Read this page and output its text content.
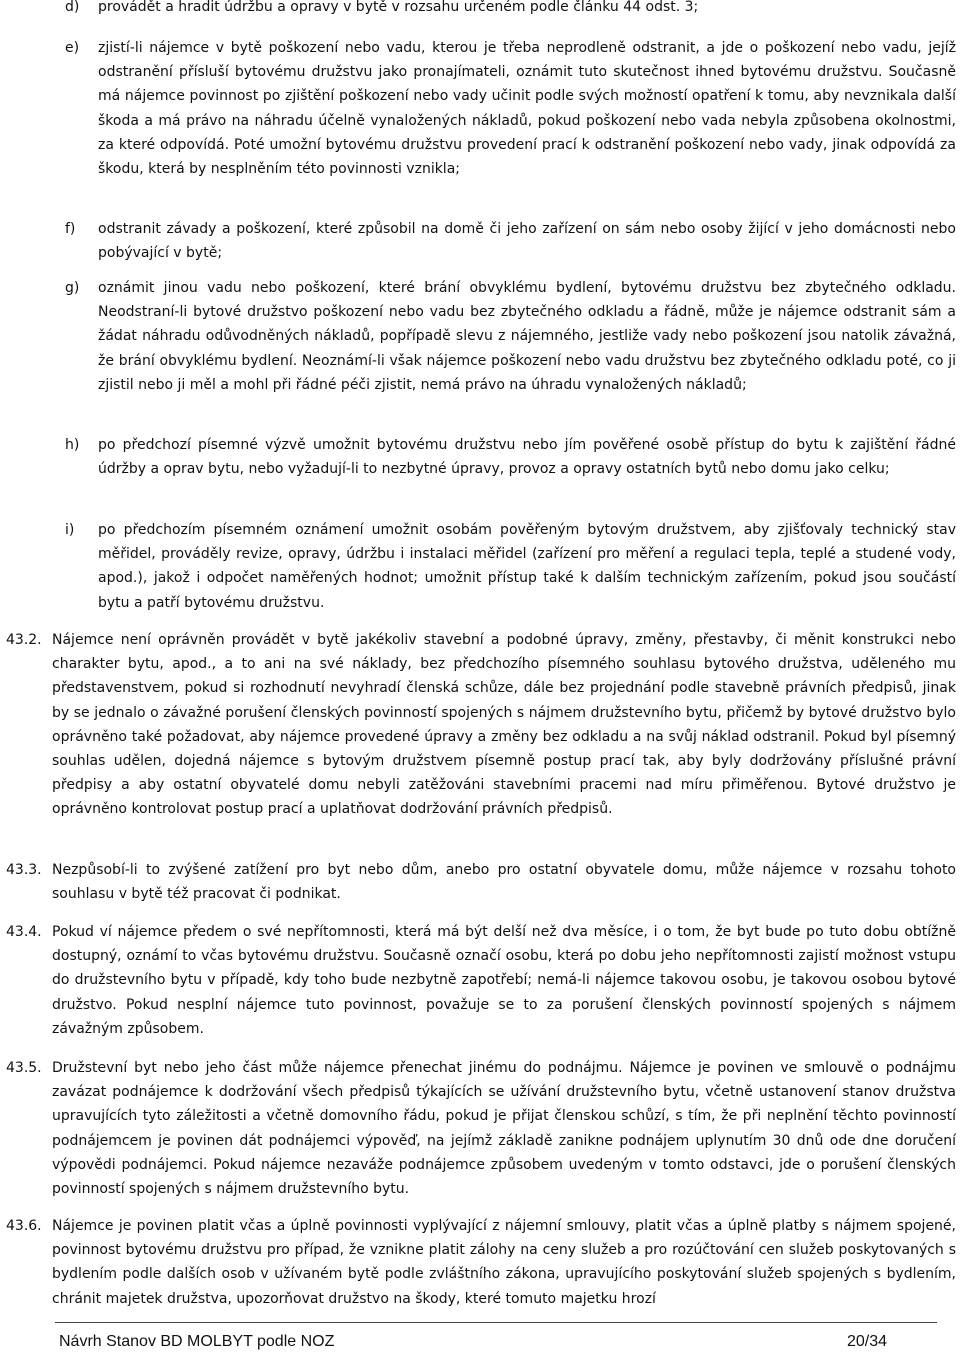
d) provádět a hradit údržbu a opravy v bytě v rozsahu určeném podle článku 44 odst. 3;

e) zjistí-li nájemce v bytě poškození nebo vadu, kterou je třeba neprodleně odstranit, a jde o poškození nebo vadu, jejíž odstranění přísluší bytovému družstvu jako pronajímateli, oznámit tuto skutečnost ihned bytovému družstvu. Současně má nájemce povinnost po zjištění poškození nebo vady učinit podle svých možností opatření k tomu, aby nevznikala další škoda a má právo na náhradu účelně vynaložených nákladů, pokud poškození nebo vada nebyla způsobena okolnostmi, za které odpovídá. Poté umožní bytovému družstvu provedení prací k odstranění poškození nebo vady, jinak odpovídá za škodu, která by nesplněním této povinnosti vznikla;

f) odstranit závady a poškození, které způsobil na domě či jeho zařízení on sám nebo osoby žijící v jeho domácnosti nebo pobývající v bytě;

g) oznámit jinou vadu nebo poškození, které brání obvyklému bydlení, bytovému družstvu bez zbytečného odkladu. Neodstraní-li bytové družstvo poškození nebo vadu bez zbytečného odkladu a řádně, může je nájemce odstranit sám a žádat náhradu odůvodněných nákladů, popřípadě slevu z nájemného, jestliže vady nebo poškození jsou natolik závažná, že brání obvyklému bydlení. Neoznámí-li však nájemce poškození nebo vadu družstvu bez zbytečného odkladu poté, co ji zjistil nebo ji měl a mohl při řádné péči zjistit, nemá právo na úhradu vynaložených nákladů;

h) po předchozí písemné výzvě umožnit bytovému družstvu nebo jím pověřené osobě přístup do bytu k zajištění řádné údržby a oprav bytu, nebo vyžadují-li to nezbytné úpravy, provoz a opravy ostatních bytů nebo domu jako celku;

i) po předchozím písemném oznámení umožnit osobám pověřeným bytovým družstvem, aby zjišťovaly technický stav měřidel, prováděly revize, opravy, údržbu i instalaci měřidel (zařízení pro měření a regulaci tepla, teplé a studené vody, apod.), jakož i odpočet naměřených hodnot; umožnit přístup také k dalším technickým zařízením, pokud jsou součástí bytu a patří bytovému družstvu.

43.2. Nájemce není oprávněn provádět v bytě jakékoliv stavební a podobné úpravy, změny, přestavby, či měnit konstrukci nebo charakter bytu, apod., a to ani na své náklady, bez předchozího písemného souhlasu bytového družstva, uděleného mu představenstvem, pokud si rozhodnutí nevyhradí členská schůze, dále bez projednání podle stavebně právních předpisů, jinak by se jednalo o závažné porušení členských povinností spojených s nájmem družstevního bytu, přičemž by bytové družstvo bylo oprávněno také požadovat, aby nájemce provedené úpravy a změny bez odkladu a na svůj náklad odstranil. Pokud byl písemný souhlas udělen, dojedná nájemce s bytovým družstvem písemně postup prací tak, aby byly dodržovány příslušné právní předpisy a aby ostatní obyvatelé domu nebyli zatěžováni stavebními pracemi nad míru přiměřenou. Bytové družstvo je oprávněno kontrolovat postup prací a uplatňovat dodržování právních předpisů.

43.3. Nezpůsobí-li to zvýšené zatížení pro byt nebo dům, anebo pro ostatní obyvatele domu, může nájemce v rozsahu tohoto souhlasu v bytě též pracovat či podnikat.

43.4. Pokud ví nájemce předem o své nepřítomnosti, která má být delší než dva měsíce, i o tom, že byt bude po tuto dobu obtížně dostupný, oznámí to včas bytovému družstvu. Současně označí osobu, která po dobu jeho nepřítomnosti zajistí možnost vstupu do družstevního bytu v případě, kdy toho bude nezbytně zapotřebí; nemá-li nájemce takovou osobu, je takovou osobou bytové družstvo. Pokud nesplní nájemce tuto povinnost, považuje se to za porušení členských povinností spojených s nájmem závažným způsobem.

43.5. Družstevní byt nebo jeho část může nájemce přenechat jinému do podnájmu. Nájemce je povinen ve smlouvě o podnájmu zavázat podnájemce k dodržování všech předpisů týkajících se užívání družstevního bytu, včetně ustanovení stanov družstva upravujících tyto záležitosti a včetně domovního řádu, pokud je přijat členskou schůzí, s tím, že při neplnění těchto povinností podnájemcem je povinen dát podnájemci výpověď, na jejímž základě zanikne podnájem uplynutím 30 dnů ode dne doručení výpovědi podnájemci. Pokud nájemce nezaváže podnájemce způsobem uvedeným v tomto odstavci, jde o porušení členských povinností spojených s nájmem družstevního bytu.

43.6. Nájemce je povinen platit včas a úplně povinnosti vyplývající z nájemní smlouvy, platit včas a úplně platby s nájmem spojené, povinnost bytovému družstvu pro případ, že vznikne platit zálohy na ceny služeb a pro rozúčtování cen služeb poskytovaných s bydlením podle dalších osob v užívaném bytě podle zvláštního zákona, upravujícího poskytování služeb spojených s bydlením, chránit majetek družstva, upozorňovat družstvo na škody, které tomuto majetku hrozí

Návrh Stanov BD MOLBYT podle NOZ	20/34
